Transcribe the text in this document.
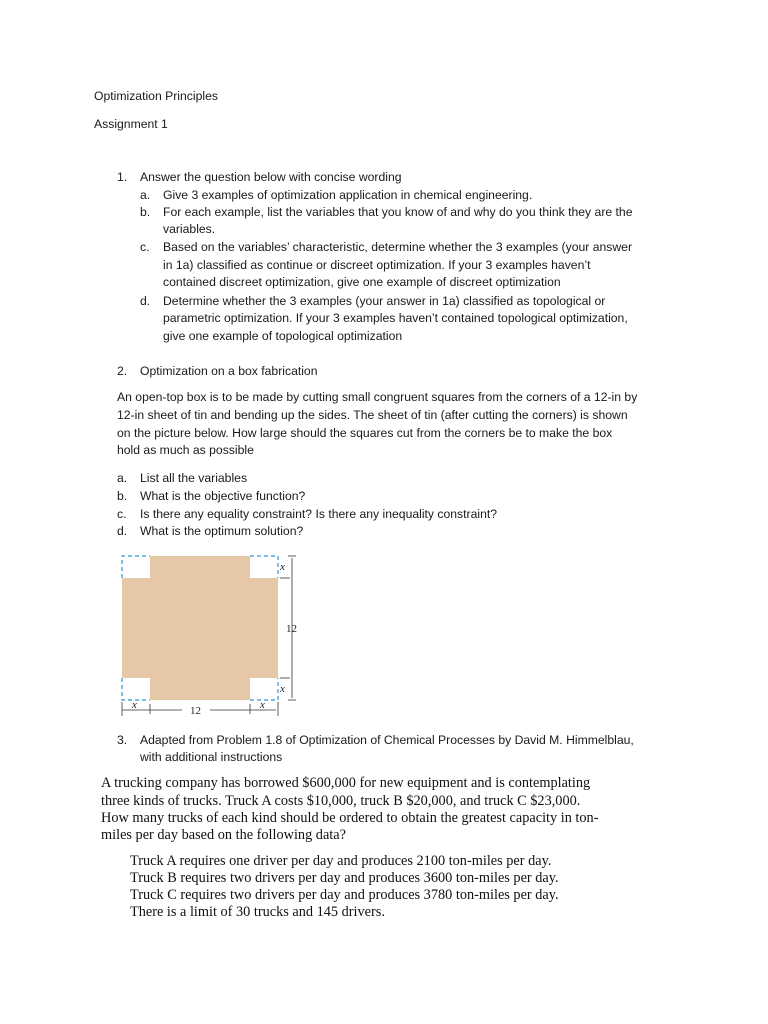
Optimization Principles
Assignment 1
1. Answer the question below with concise wording
a. Give 3 examples of optimization application in chemical engineering.
b. For each example, list the variables that you know of and why do you think they are the
variables.
c. Based on the variables’ characteristic, determine whether the 3 examples (your answer
in 1a) classified as continue or discreet optimization. If your 3 examples haven’t
contained discreet optimization, give one example of discreet optimization
d. Determine whether the 3 examples (your answer in 1a) classified as topological or
parametric optimization. If your 3 examples haven’t contained topological optimization,
give one example of topological optimization
2. Optimization on a box fabrication
An open-top box is to be made by cutting small congruent squares from the corners of a 12-in by
12-in sheet of tin and bending up the sides. The sheet of tin (after cutting the corners) is shown
on the picture below. How large should the squares cut from the corners be to make the box
hold as much as possible
a. List all the variables
b. What is the objective function?
c. Is there any equality constraint? Is there any inequality constraint?
d. What is the optimum solution?
x
12
x
x	12	x
3. Adapted from Problem 1.8 of Optimization of Chemical Processes by David M. Himmelblau,
with additional instructions
A trucking company has borrowed $600,000 for new equipment and is contemplating
three kinds of trucks. Truck A costs $10,000, truck B $20,000, and truck C $23,000.
How many trucks of each kind should be ordered to obtain the greatest capacity in ton-
miles per day based on the following data?
Truck A requires one driver per day and produces 2100 ton-miles per day.
Truck B requires two drivers per day and produces 3600 ton-miles per day.
Truck C requires two drivers per day and produces 3780 ton-miles per day.
There is a limit of 30 trucks and 145 drivers.
